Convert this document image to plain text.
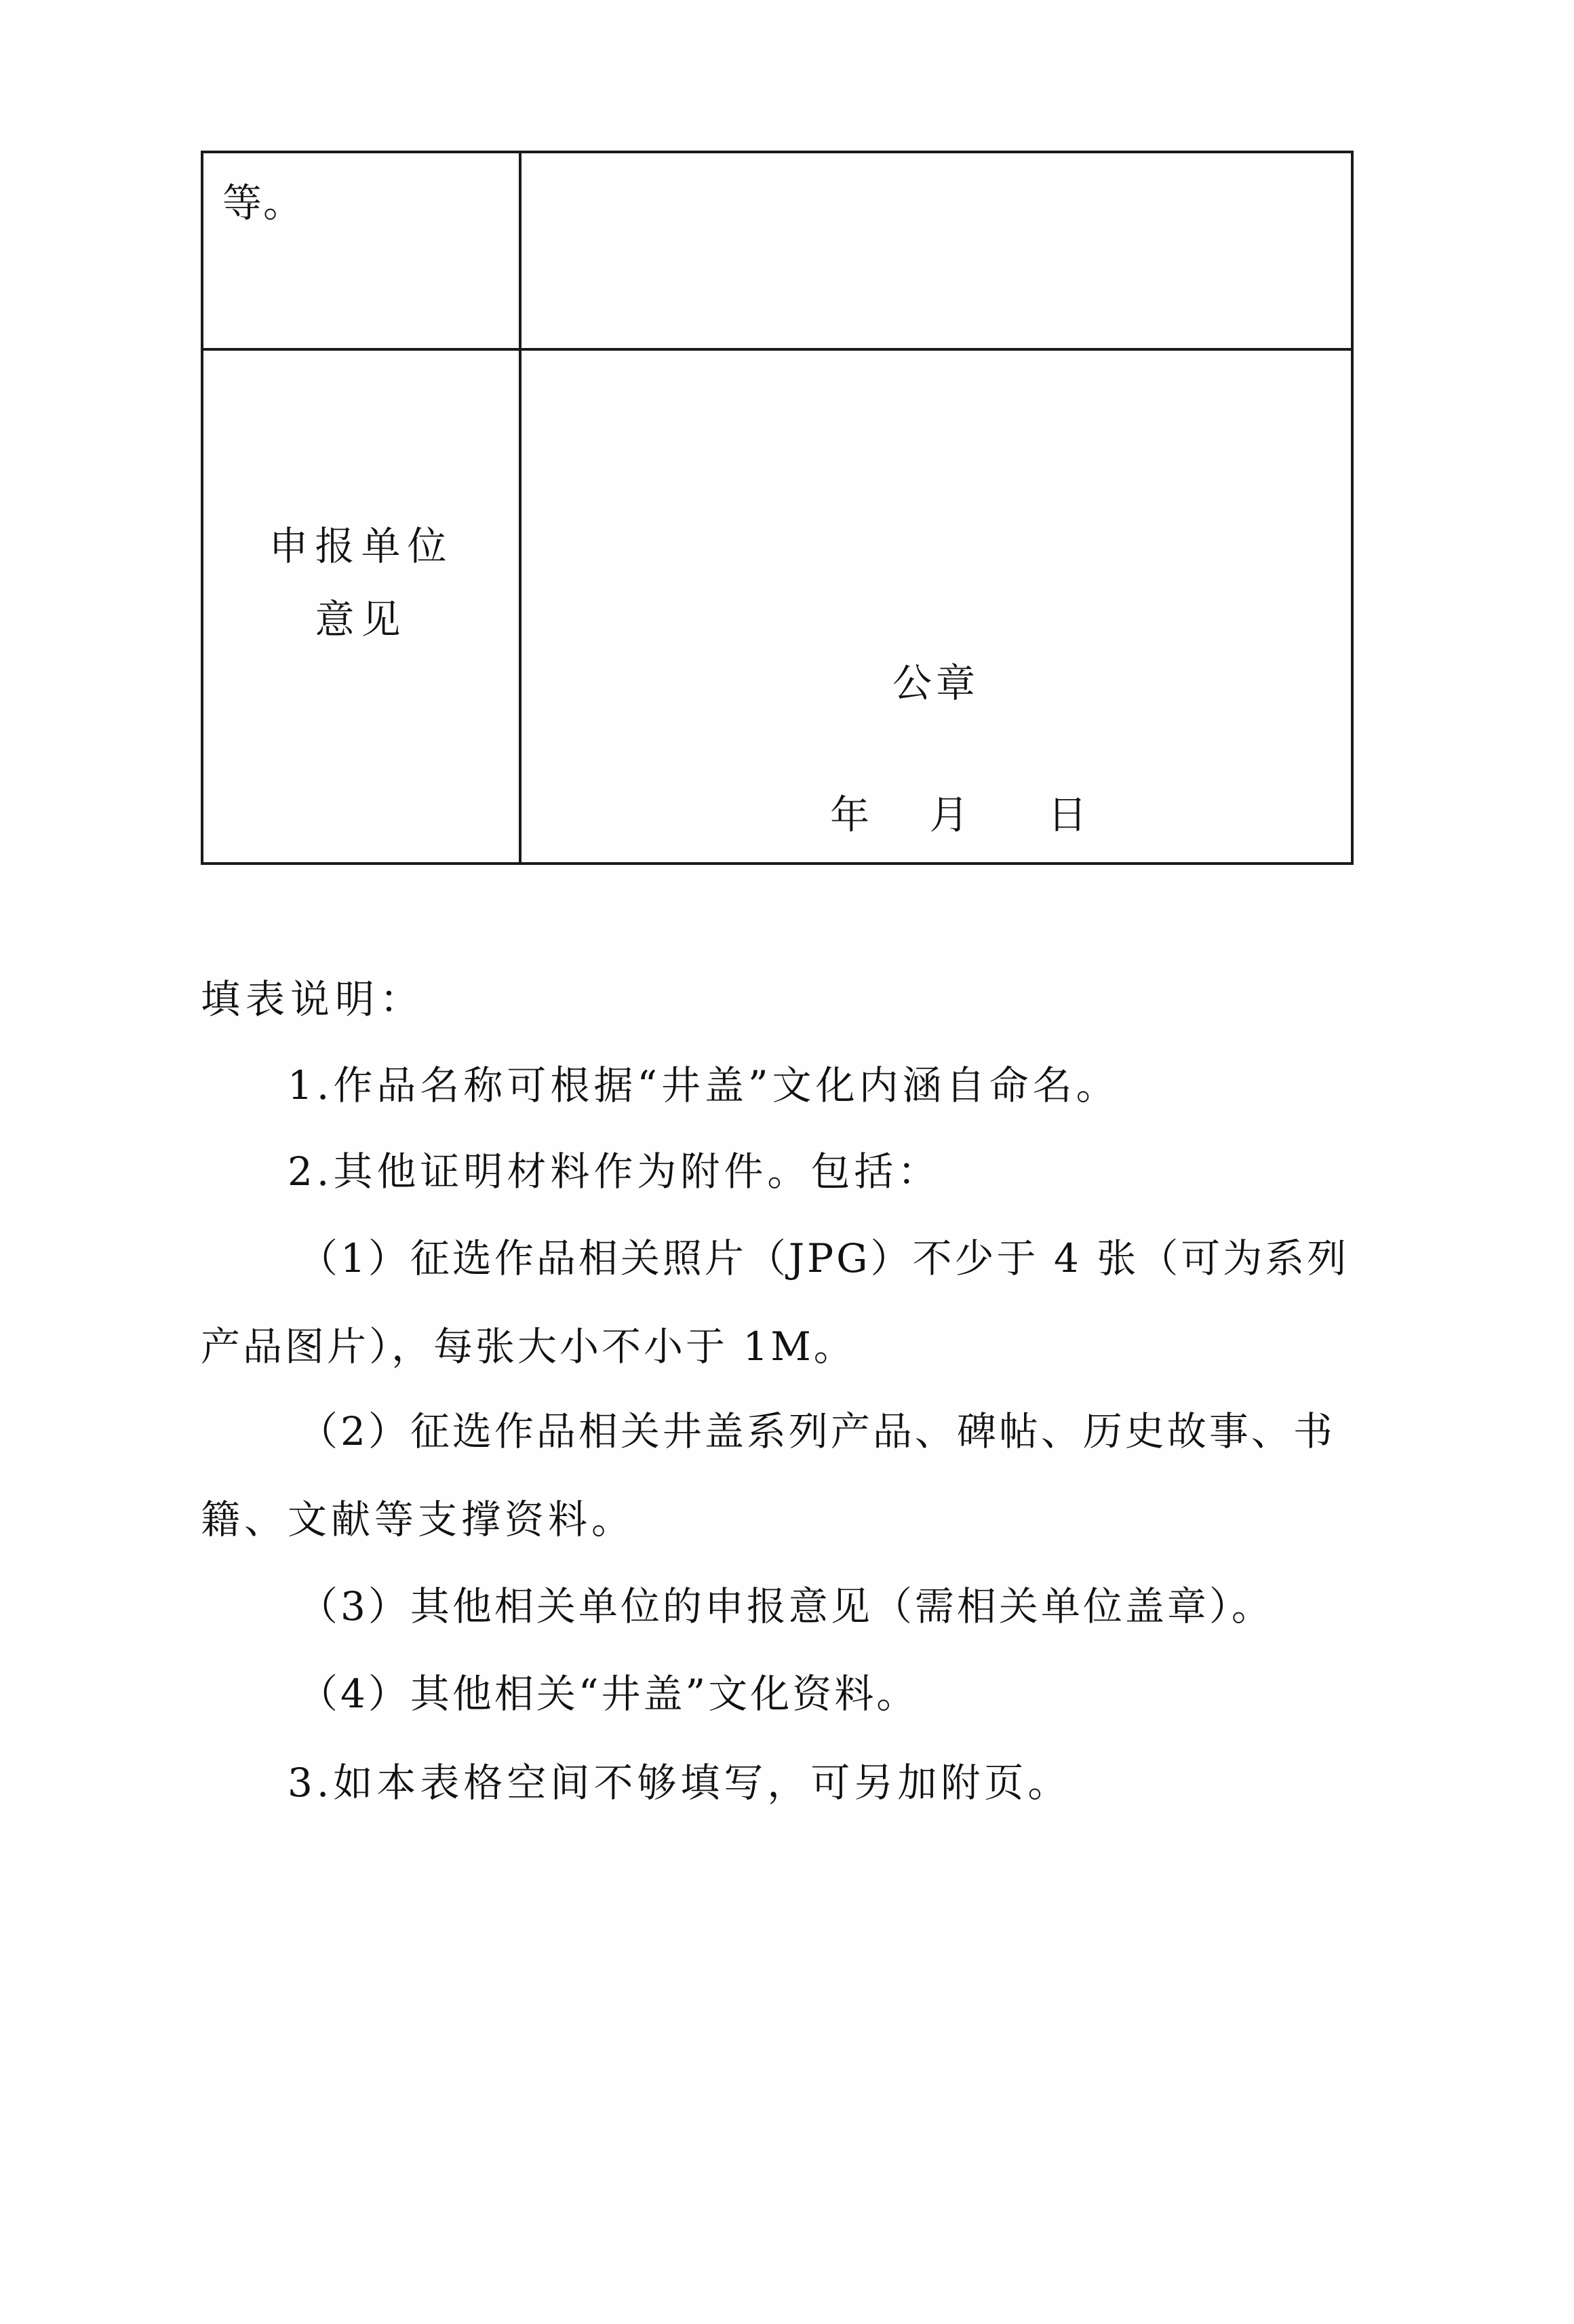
等。
申报单位
意见
公章
年 月 日
填表说明：
1.作品名称可根据“井盖”文化内涵自命名。
2.其他证明材料作为附件。包括：
（1）征选作品相关照片（JPG）不少于 4 张（可为系列
产品图片），每张大小不小于 1M。
（2）征选作品相关井盖系列产品、碑帖、历史故事、书
籍、文献等支撑资料。
（3）其他相关单位的申报意见（需相关单位盖章）。
（4）其他相关“井盖”文化资料。
3.如本表格空间不够填写，可另加附页。
